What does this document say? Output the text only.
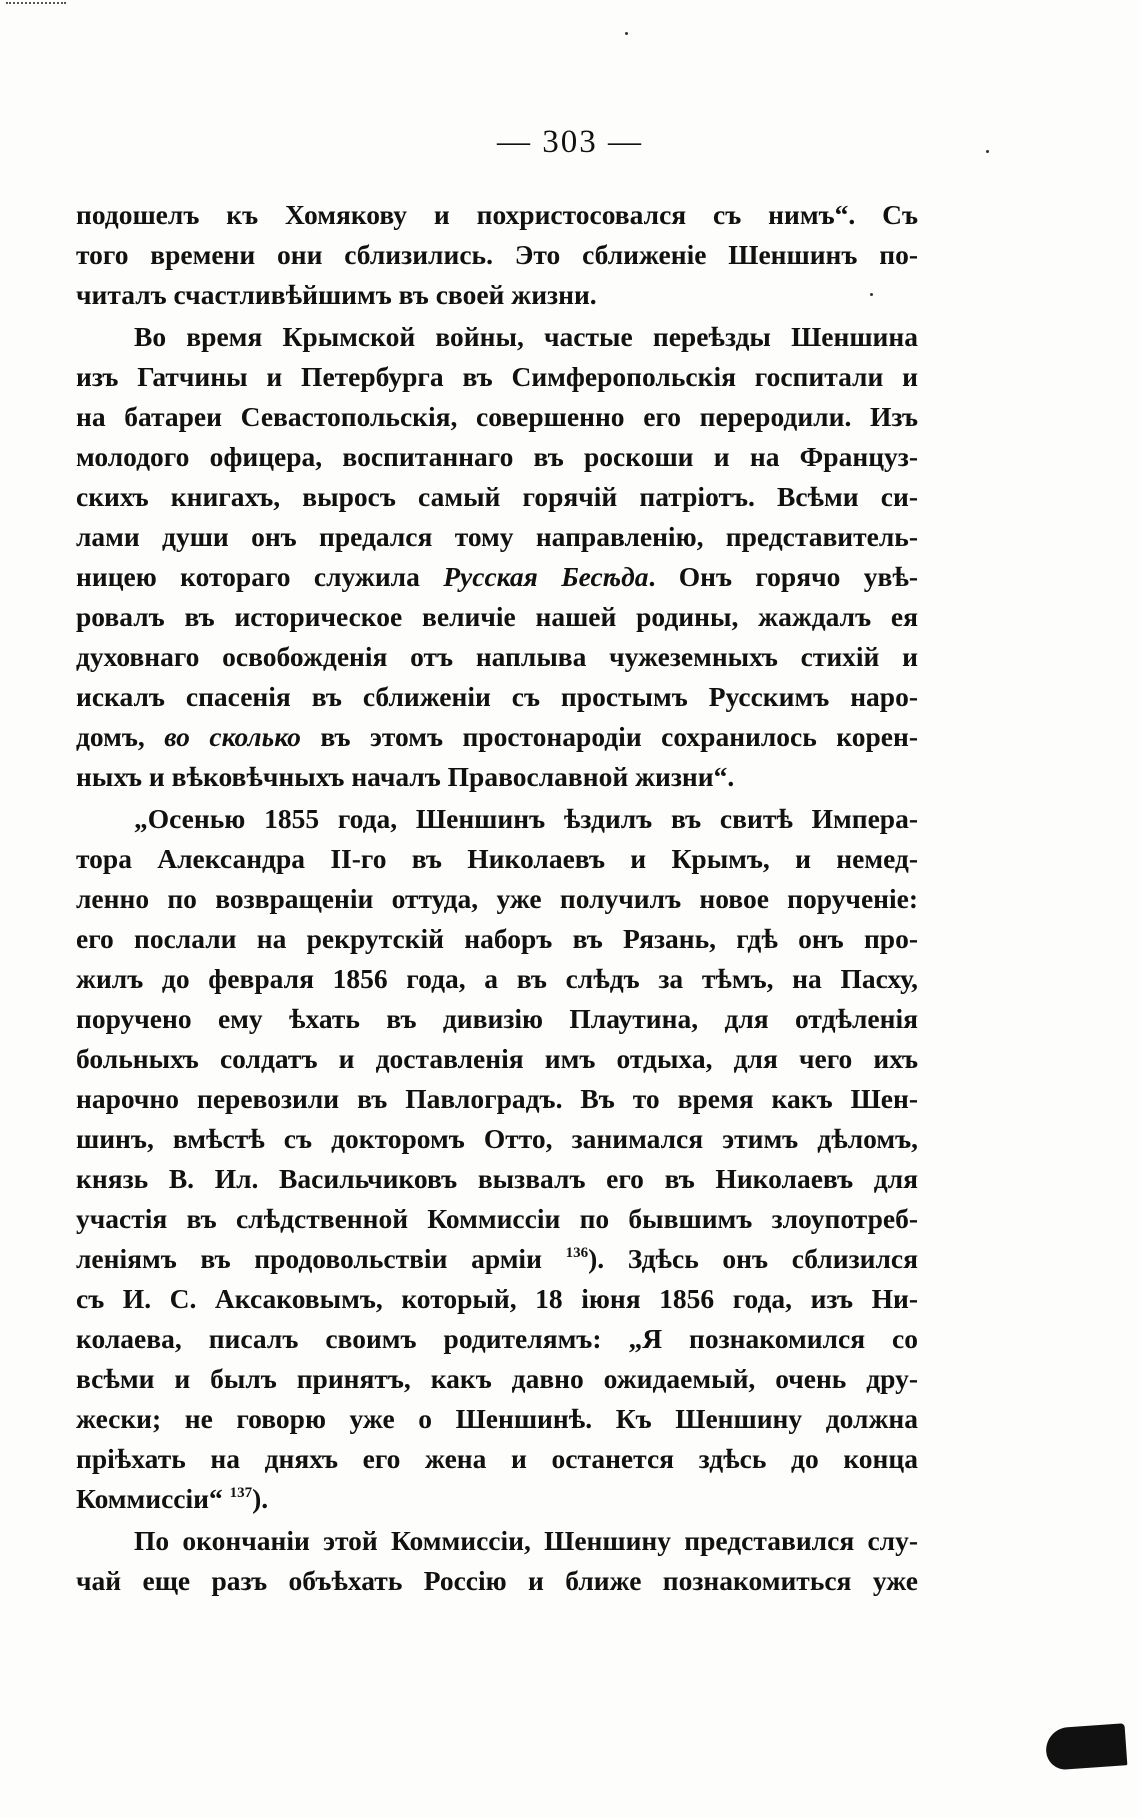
— 303 —
подошелъ къ Хомякову и похристосовался съ нимъ“. Съ
того времени они сблизились. Это сближеніе Шеншинъ по-
читалъ счастливѣйшимъ въ своей жизни.
Во время Крымской войны, частые переѣзды Шеншина
изъ Гатчины и Петербурга въ Симферопольскія госпитали и
на батареи Севастопольскія, совершенно его переродили. Изъ
молодого офицера, воспитаннаго въ роскоши и на Француз-
скихъ книгахъ, выросъ самый горячій патріотъ. Всѣми си-
лами души онъ предался тому направленію, представитель-
ницею котораго служила Русская Бесѣда. Онъ горячо увѣ-
ровалъ въ историческое величіе нашей родины, жаждалъ ея
духовнаго освобожденія отъ наплыва чужеземныхъ стихій и
искалъ спасенія въ сближеніи съ простымъ Русскимъ наро-
домъ, во сколько въ этомъ простонародіи сохранилось корен-
ныхъ и вѣковѣчныхъ началъ Православной жизни“.
„Осенью 1855 года, Шеншинъ ѣздилъ въ свитѣ Импера-
тора Александра II-го въ Николаевъ и Крымъ, и немед-
ленно по возвращеніи оттуда, уже получилъ новое порученіе:
его послали на рекрутскій наборъ въ Рязань, гдѣ онъ про-
жилъ до февраля 1856 года, а въ слѣдъ за тѣмъ, на Пасху,
поручено ему ѣхать въ дивизію Плаутина, для отдѣленія
больныхъ солдатъ и доставленія имъ отдыха, для чего ихъ
нарочно перевозили въ Павлоградъ. Въ то время какъ Шен-
шинъ, вмѣстѣ съ докторомъ Отто, занимался этимъ дѣломъ,
князь В. Ил. Васильчиковъ вызвалъ его въ Николаевъ для
участія въ слѣдственной Коммиссіи по бывшимъ злоупотреб-
леніямъ въ продовольствіи арміи $^{136}$). Здѣсь онъ сблизился
съ И. С. Аксаковымъ, который, 18 іюня 1856 года, изъ Ни-
колаева, писалъ своимъ родителямъ: „Я познакомился со
всѣми и былъ принятъ, какъ давно ожидаемый, очень дру-
жески; не говорю уже о Шеншинѣ. Къ Шеншину должна
пріѣхать на дняхъ его жена и останется здѣсь до конца
Коммиссіи“ $^{137}$).
По окончаніи этой Коммиссіи, Шеншину представился слу-
чай еще разъ объѣхать Россію и ближе познакомиться уже
